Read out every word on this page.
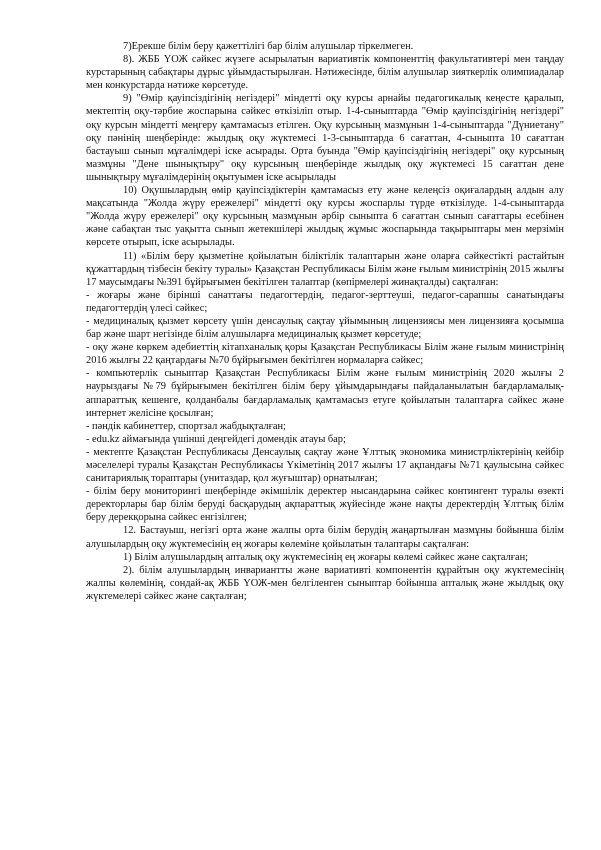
7)Ерекше білім беру қажеттілігі бар білім алушылар тіркелмеген.

8). ЖББ ҮОЖ сәйкес жүзеге асырылатын вариативтік компоненттің факультативтері мен таңдау курстарының сабақтары дұрыс ұйымдастырылған. Нәтижесінде, білім алушылар зияткерлік олимпиадалар мен конкурстарда нәтиже көрсетуде.

9) "Өмір қауіпсіздігінің негіздері" міндетті оқу курсы арнайы педагогикалық кеңесте қаралып, мектептің оқу-тәрбие жоспарына сәйкес өткізіліп отыр. 1-4-сыныптарда "Өмір қауіпсіздігінің негіздері" оқу курсын міндетті меңгеру қамтамасыз етілген. Оқу курсының мазмұнын 1-4-сыныптарда "Дүниетану" оқу пәнінің шеңберінде: жылдық оқу жүктемесі 1-3-сыныптарда 6 сағаттан, 4-сыныпта 10 сағаттан бастауыш сынып мұғалімдері іске асырады. Орта буында "Өмір қауіпсіздігінің негіздері" оқу курсының мазмұны "Дене шынықтыру" оқу курсының шеңберінде жылдық оқу жүктемесі 15 сағаттан дене шынықтыру мұғалімдерінің оқытуымен іске асырылады

10) Оқушылардың өмір қауіпсіздіктерін қамтамасыз ету және келеңсіз оқиғалардың алдын алу мақсатында "Жолда жүру ережелері" міндетті оқу курсы жоспарлы түрде өткізілуде. 1-4-сыныптарда "Жолда жүру ережелері" оқу курсының мазмұнын әрбір сыныпта 6 сағаттан сынып сағаттары есебінен және сабақтан тыс уақытта сынып жетекшілері жылдық жұмыс жоспарында тақырыптары мен мерзімін көрсете отырып, іске асырылады.

11) «Білім беру қызметіне қойылатын біліктілік талаптарын және оларға сәйкестікті растайтын құжаттардың тізбесін бекіту туралы» Қазақстан Республикасы Білім және ғылым министрінің 2015 жылғы 17 маусымдағы №391 бұйрығымен бекітілген талаптар (көпірмелері жинақталды) сақталған:

- жоғары және бірінші санаттағы педагогтердің, педагог-зерттеуші, педагог-сарапшы санатындағы педагогтердің үлесі сәйкес;

- медициналық қызмет көрсету үшін денсаулық сақтау ұйымының лицензиясы мен лицензияға қосымша бар және шарт негізінде білім алушыларға медициналық қызмет көрсетуде;

- оқу және көркем әдебиеттің кітапханалық қоры Қазақстан Республикасы Білім және ғылым министрінің 2016 жылғы 22 қаңтардағы №70 бұйрығымен бекітілген нормаларға сәйкес;

- компьютерлік сыныптар Қазақстан Республикасы Білім және ғылым министрінің 2020 жылғы 2 наурыздағы №79 бұйрығымен бекітілген білім беру ұйымдарындағы пайдаланылатын бағдарламалық-аппараттық кешенге, қолданбалы бағдарламалық қамтамасыз етуге қойылатын талаптарға сәйкес және интернет желісіне қосылған;

- пәндік кабинеттер, спортзал жабдықталған;

- edu.kz аймағында үшінші деңгейдегі домендік атауы бар;

- мектепте Қазақстан Республикасы Денсаулық сақтау және Ұлттық экономика министрліктерінің кейбір мәселелері туралы Қазақстан Республикасы Үкіметінің 2017 жылғы 17 ақпандағы №71 қаулысына сәйкес санитариялық тораптары (унитаздар, қол жуғыштар) орнатылған;

- білім беру мониторингі шеңберінде әкімшілік деректер нысандарына сәйкес контингент туралы өзекті деректорлары бар білім беруді басқарудың ақпараттық жүйесінде және нақты деректердің Ұлттық білім беру дерекқорына сәйкес енгізілген;

12. Бастауыш, негізгі орта және жалпы орта білім берудің жаңартылған мазмұны бойынша білім алушылардың оқу жүктемесінің ең жоғары көлеміне қойылатын талаптары сақталған:

1) Білім алушылардың апталық оқу жүктемесінің ең жоғары көлемі сәйкес және сақталған;

2). білім алушылардың инвариантты және вариативті компонентін құрайтын оқу жүктемесінің жалпы көлемінің, сондай-ақ ЖББ ҮОЖ-мен белгіленген сыныптар бойынша апталық және жылдық оқу жүктемелері сәйкес және сақталған;
